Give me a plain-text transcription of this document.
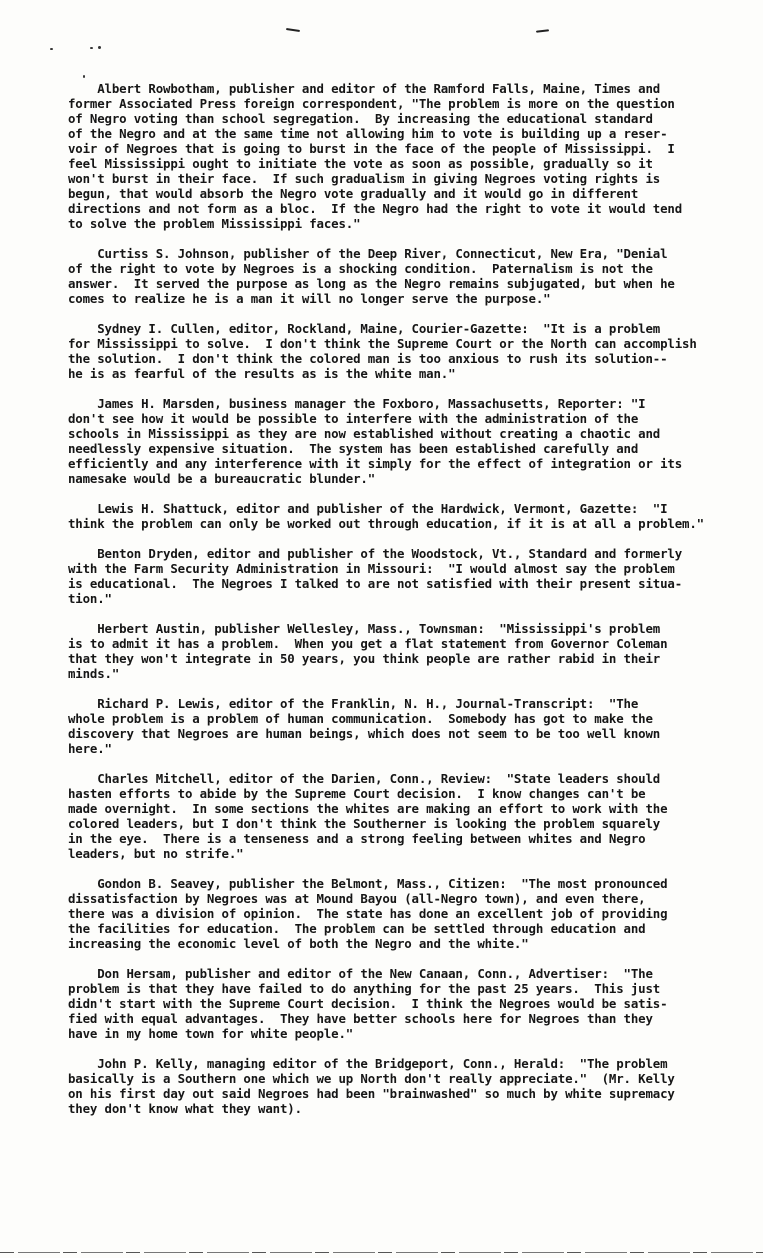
Albert Rowbotham, publisher and editor of the Ramford Falls, Maine, Times and
former Associated Press foreign correspondent, "The problem is more on the question
of Negro voting than school segregation.  By increasing the educational standard
of the Negro and at the same time not allowing him to vote is building up a reser-
voir of Negroes that is going to burst in the face of the people of Mississippi.  I
feel Mississippi ought to initiate the vote as soon as possible, gradually so it
won't burst in their face.  If such gradualism in giving Negroes voting rights is
begun, that would absorb the Negro vote gradually and it would go in different
directions and not form as a bloc.  If the Negro had the right to vote it would tend
to solve the problem Mississippi faces."

Curtiss S. Johnson, publisher of the Deep River, Connecticut, New Era, "Denial
of the right to vote by Negroes is a shocking condition.  Paternalism is not the
answer.  It served the purpose as long as the Negro remains subjugated, but when he
comes to realize he is a man it will no longer serve the purpose."

Sydney I. Cullen, editor, Rockland, Maine, Courier-Gazette:  "It is a problem
for Mississippi to solve.  I don't think the Supreme Court or the North can accomplish
the solution.  I don't think the colored man is too anxious to rush its solution--
he is as fearful of the results as is the white man."

James H. Marsden, business manager the Foxboro, Massachusetts, Reporter: "I
don't see how it would be possible to interfere with the administration of the
schools in Mississippi as they are now established without creating a chaotic and
needlessly expensive situation.  The system has been established carefully and
efficiently and any interference with it simply for the effect of integration or its
namesake would be a bureaucratic blunder."

Lewis H. Shattuck, editor and publisher of the Hardwick, Vermont, Gazette:  "I
think the problem can only be worked out through education, if it is at all a problem."

Benton Dryden, editor and publisher of the Woodstock, Vt., Standard and formerly
with the Farm Security Administration in Missouri:  "I would almost say the problem
is educational.  The Negroes I talked to are not satisfied with their present situa-
tion."

Herbert Austin, publisher Wellesley, Mass., Townsman:  "Mississippi's problem
is to admit it has a problem.  When you get a flat statement from Governor Coleman
that they won't integrate in 50 years, you think people are rather rabid in their
minds."

Richard P. Lewis, editor of the Franklin, N. H., Journal-Transcript:  "The
whole problem is a problem of human communication.  Somebody has got to make the
discovery that Negroes are human beings, which does not seem to be too well known
here."

Charles Mitchell, editor of the Darien, Conn., Review:  "State leaders should
hasten efforts to abide by the Supreme Court decision.  I know changes can't be
made overnight.  In some sections the whites are making an effort to work with the
colored leaders, but I don't think the Southerner is looking the problem squarely
in the eye.  There is a tenseness and a strong feeling between whites and Negro
leaders, but no strife."

Gondon B. Seavey, publisher the Belmont, Mass., Citizen:  "The most pronounced
dissatisfaction by Negroes was at Mound Bayou (all-Negro town), and even there,
there was a division of opinion.  The state has done an excellent job of providing
the facilities for education.  The problem can be settled through education and
increasing the economic level of both the Negro and the white."

Don Hersam, publisher and editor of the New Canaan, Conn., Advertiser:  "The
problem is that they have failed to do anything for the past 25 years.  This just
didn't start with the Supreme Court decision.  I think the Negroes would be satis-
fied with equal advantages.  They have better schools here for Negroes than they
have in my home town for white people."

John P. Kelly, managing editor of the Bridgeport, Conn., Herald:  "The problem
basically is a Southern one which we up North don't really appreciate."  (Mr. Kelly
on his first day out said Negroes had been "brainwashed" so much by white supremacy
they don't know what they want).
